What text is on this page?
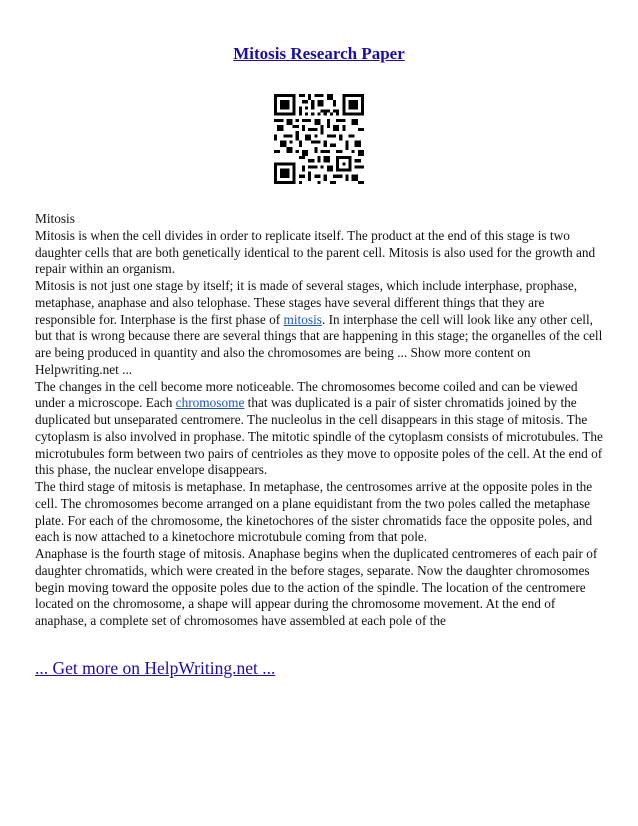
Mitosis Research Paper

Mitosis

Mitosis is when the cell divides in order to replicate itself. The product at the end of this stage is two daughter cells that are both genetically identical to the parent cell. Mitosis is also used for the growth and repair within an organism.

Mitosis is not just one stage by itself; it is made of several stages, which include interphase, prophase, metaphase, anaphase and also telophase. These stages have several different things that they are responsible for. Interphase is the first phase of mitosis. In interphase the cell will look like any other cell, but that is wrong because there are several things that are happening in this stage; the organelles of the cell are being produced in quantity and also the chromosomes are being ... Show more content on Helpwriting.net ...

The changes in the cell become more noticeable. The chromosomes become coiled and can be viewed under a microscope. Each chromosome that was duplicated is a pair of sister chromatids joined by the duplicated but unseparated centromere. The nucleolus in the cell disappears in this stage of mitosis. The cytoplasm is also involved in prophase. The mitotic spindle of the cytoplasm consists of microtubules. The microtubules form between two pairs of centrioles as they move to opposite poles of the cell. At the end of this phase, the nuclear envelope disappears.

The third stage of mitosis is metaphase. In metaphase, the centrosomes arrive at the opposite poles in the cell. The chromosomes become arranged on a plane equidistant from the two poles called the metaphase plate. For each of the chromosome, the kinetochores of the sister chromatids face the opposite poles, and each is now attached to a kinetochore microtubule coming from that pole.

Anaphase is the fourth stage of mitosis. Anaphase begins when the duplicated centromeres of each pair of daughter chromatids, which were created in the before stages, separate. Now the daughter chromosomes begin moving toward the opposite poles due to the action of the spindle. The location of the centromere located on the chromosome, a shape will appear during the chromosome movement. At the end of anaphase, a complete set of chromosomes have assembled at each pole of the

... Get more on HelpWriting.net ...
